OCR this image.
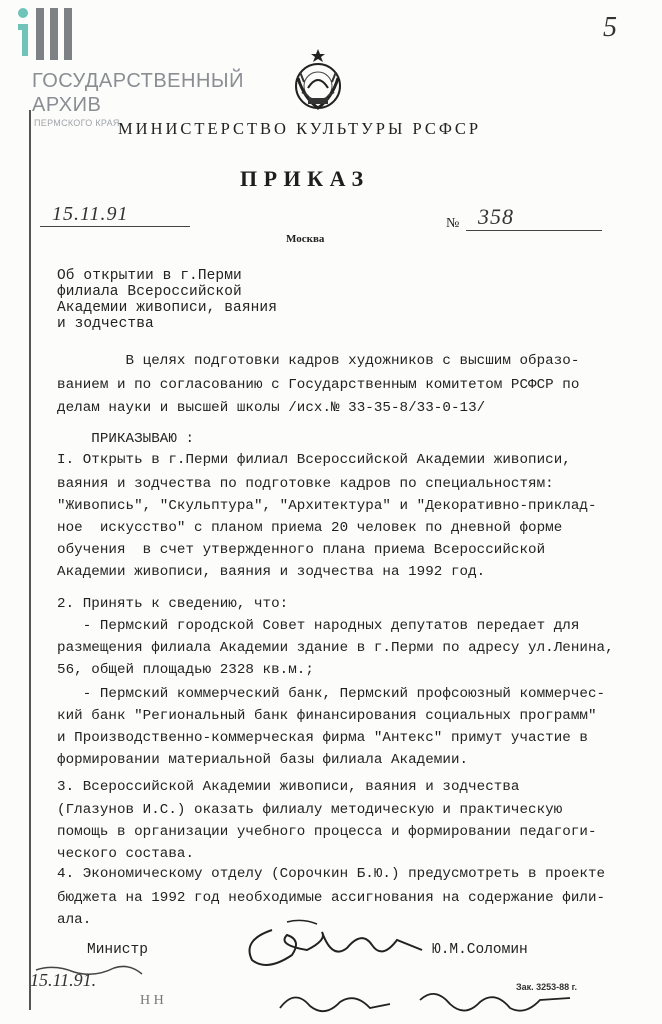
ГОСУДАРСТВЕННЫЙ
АРХИВ
ПЕРМСКОГО КРАЯ
5
МИНИСТЕРСТВО КУЛЬТУРЫ РСФСР
ПРИКАЗ
15.11.91
Москва
№ 358
Об открытии в г.Перми
филиала Всероссийской
Академии живописи, ваяния
и зодчества
В целях подготовки кадров художников с высшим образо-
ванием и по согласованию с Государственным комитетом РСФСР по
делам науки и высшей школы /исх.№ 33-35-8/33-0-13/
ПРИКАЗЫВАЮ :
I. Открыть в г.Перми филиал Всероссийской Академии живописи,
ваяния и зодчества по подготовке кадров по специальностям:
"Живопись", "Скульптура", "Архитектура" и "Декоративно-приклад-
ное  искусство" с планом приема 20 человек по дневной форме
обучения  в счет утвержденного плана приема Всероссийской
Академии живописи, ваяния и зодчества на 1992 год.
2. Принять к сведению, что:
- Пермский городской Совет народных депутатов передает для
размещения филиала Академии здание в г.Перми по адресу ул.Ленина,
56, общей площадью 2328 кв.м.;
- Пермский коммерческий банк, Пермский профсоюзный коммерчес-
кий банк "Региональный банк финансирования социальных программ"
и Производственно-коммерческая фирма "Антекс" примут участие в
формировании материальной базы филиала Академии.
3. Всероссийской Академии живописи, ваяния и зодчества
(Глазунов И.С.) оказать филиалу методическую и практическую
помощь в организации учебного процесса и формировании педагоги-
ческого состава.
4. Экономическому отделу (Сорочкин Б.Ю.) предусмотреть в проекте
бюджета на 1992 год необходимые ассигнования на содержание фили-
ала.
Министр	Ю.М.Соломин
15.11.91.
Н Н
Зак. 3253-88 г.
